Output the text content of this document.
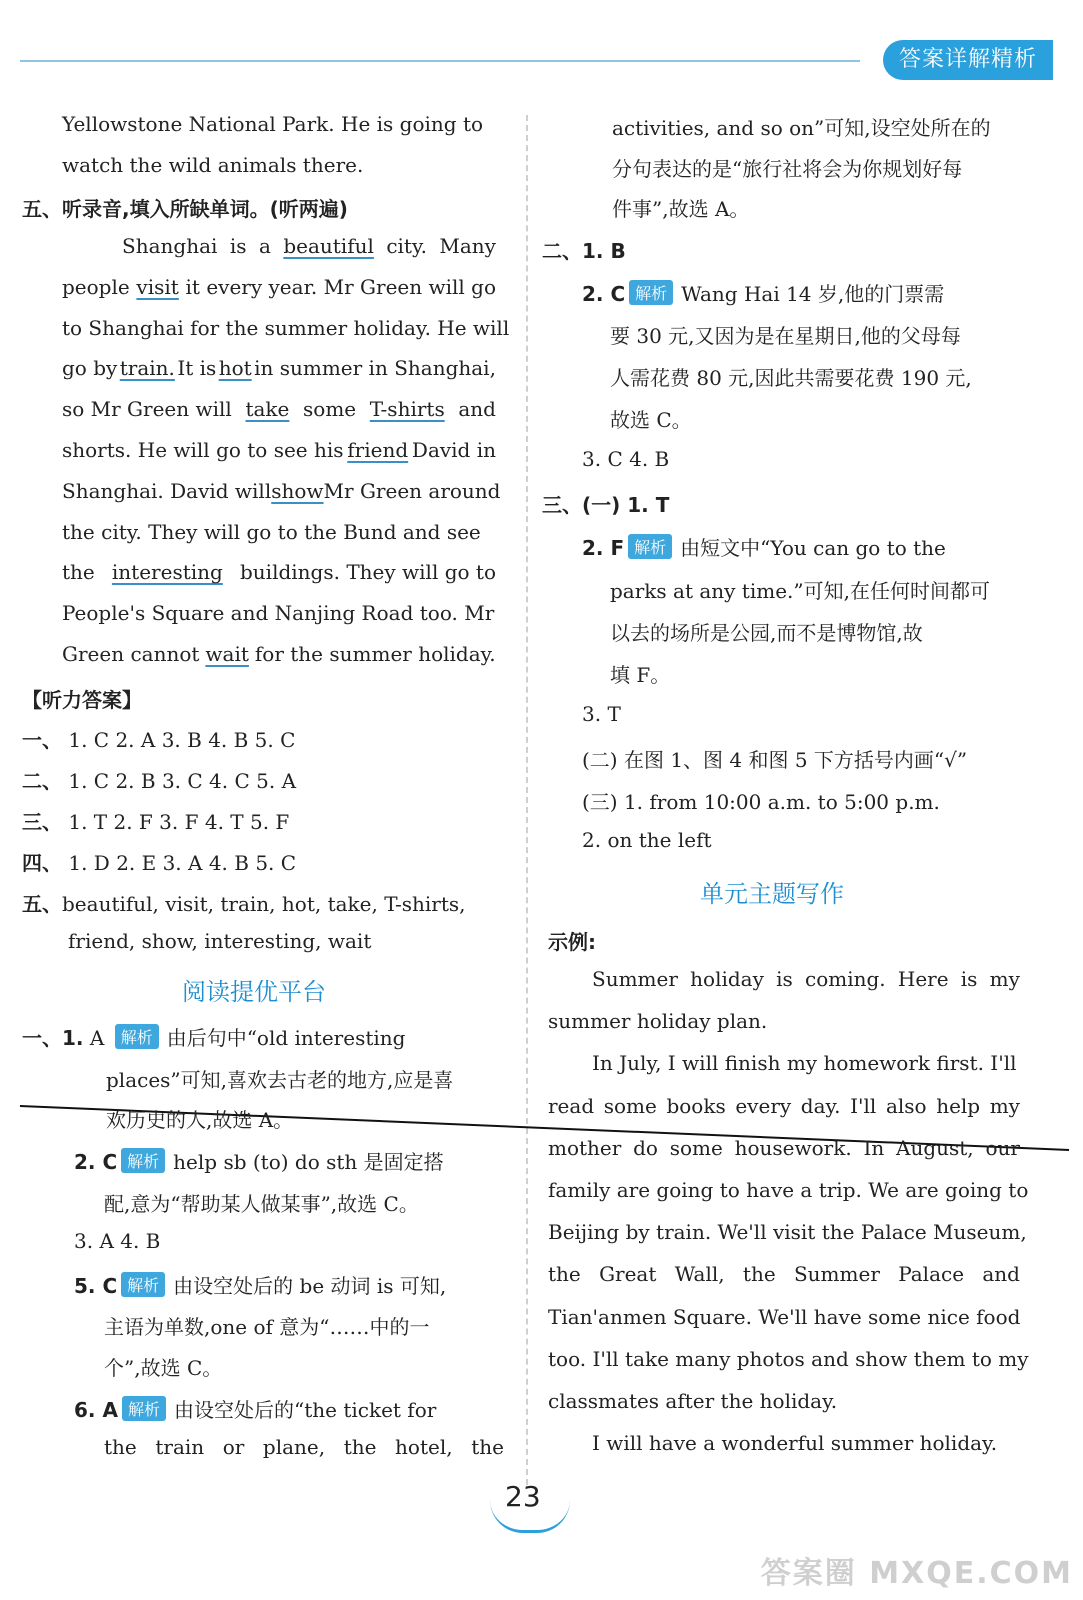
答案详解精析
23
答案圈 MXQE.COM
Yellowstone National Park. He is going to
watch the wild animals there.
五、听录音,填入所缺单词。(听两遍)
Shanghai is a beautiful city. Many
people visit it every year. Mr Green will go
to Shanghai for the summer holiday. He will
go by train. It is hot in summer in Shanghai,
so Mr Green will take some T-shirts and
shorts. He will go to see his friend David in
Shanghai. David will show Mr Green around
the city. They will go to the Bund and see
the interesting buildings. They will go to
People's Square and Nanjing Road too. Mr
Green cannot wait for the summer holiday.
【听力答案】
一、 1. C 2. A 3. B 4. B 5. C
二、 1. C 2. B 3. C 4. C 5. A
三、 1. T 2. F 3. F 4. T 5. F
四、 1. D 2. E 3. A 4. B 5. C
五、beautiful, visit, train, hot, take, T-shirts,
friend, show, interesting, wait
阅读提优平台
一、1. A 解析 由后句中“old interesting
places”可知,喜欢去古老的地方,应是喜
欢历史的人,故选 A。
2. C 解析 help sb (to) do sth 是固定搭
配,意为“帮助某人做某事”,故选 C。
3. A 4. B
5. C 解析 由设空处后的 be 动词 is 可知,
主语为单数,one of 意为“……中的一
个”,故选 C。
6. A 解析 由设空处后的“the ticket for
the train or plane, the hotel, the
activities, and so on”可知,设空处所在的
分句表达的是“旅行社将会为你规划好每
件事”,故选 A。
二、1. B
2. C 解析 Wang Hai 14 岁,他的门票需
要 30 元,又因为是在星期日,他的父母每
人需花费 80 元,因此共需要花费 190 元,
故选 C。
3. C 4. B
三、(一) 1. T
2. F 解析 由短文中“You can go to the
parks at any time.”可知,在任何时间都可
以去的场所是公园,而不是博物馆,故
填 F。
3. T
(二) 在图 1、图 4 和图 5 下方括号内画“√”
(三) 1. from 10:00 a.m. to 5:00 p.m.
2. on the left
单元主题写作
示例:
Summer holiday is coming. Here is my
summer holiday plan.
In July, I will finish my homework first. I'll
read some books every day. I'll also help my
mother do some housework. In August, our
family are going to have a trip. We are going to
Beijing by train. We'll visit the Palace Museum,
the Great Wall, the Summer Palace and
Tian'anmen Square. We'll have some nice food
too. I'll take many photos and show them to my
classmates after the holiday.
I will have a wonderful summer holiday.
